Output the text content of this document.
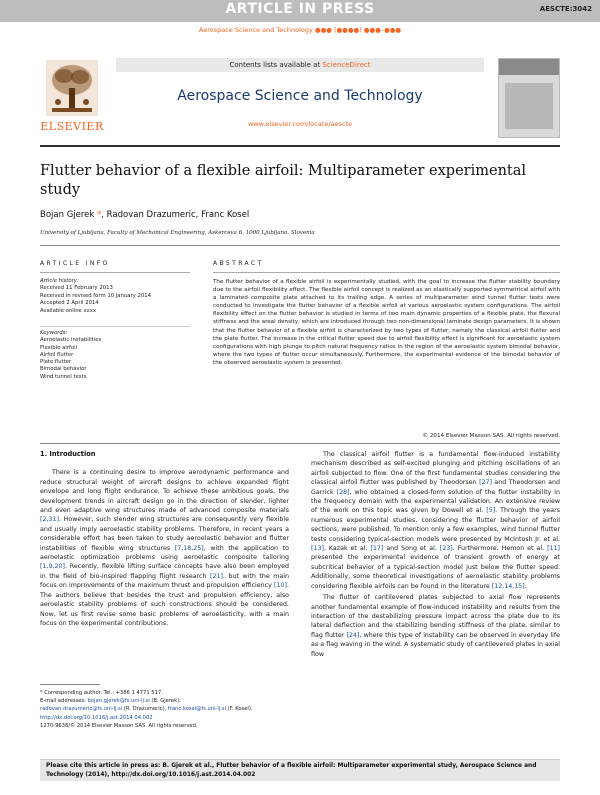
ARTICLE IN PRESS	AESCTE:3042
Aerospace Science and Technology ●●● (●●●●) ●●●–●●●
ELSEVIER
Contents lists available at ScienceDirect
Aerospace Science and Technology
www.elsevier.com/locate/aescte
Flutter behavior of a flexible airfoil: Multiparameter experimental study
Bojan Gjerek *, Radovan Drazumeric, Franc Kosel
University of Ljubljana, Faculty of Mechanical Engineering, Askerceva 6, 1000 Ljubljana, Slovenia
ARTICLE INFO
Article history:
Received 11 February 2013
Received in revised form 10 January 2014
Accepted 2 April 2014
Available online xxxx
Keywords:
Aeroelastic instabilities
Flexible airfoil
Airfoil flutter
Plate flutter
Bimodal behavior
Wind tunnel tests
ABSTRACT
The flutter behavior of a flexible airfoil is experimentally studied, with the goal to increase the flutter stability boundary due to the airfoil flexibility effect. The flexible airfoil concept is realized as an elastically supported symmetrical airfoil with a laminated composite plate attached to its trailing edge. A series of multiparameter wind tunnel flutter tests were conducted to investigate the flutter behavior of a flexible airfoil at various aeroelastic system configurations. The airfoil flexibility effect on the flutter behavior is studied in terms of two main dynamic properties of a flexible plate, the flexural stiffness and the areal density, which are introduced through two non-dimensional laminate design parameters. It is shown that the flutter behavior of a flexible airfoil is characterized by two types of flutter, namely the classical airfoil flutter and the plate flutter. The increase in the critical flutter speed due to airfoil flexibility effect is significant for aeroelastic system configurations with high plunge to pitch natural frequency ratios in the region of the aeroelastic system bimodal behavior, where the two types of flutter occur simultaneously. Furthermore, the experimental evidence of the bimodal behavior of the observed aeroelastic system is presented.
© 2014 Elsevier Masson SAS. All rights reserved.
1. Introduction

There is a continuing desire to improve aerodynamic performance and reduce structural weight of aircraft designs to achieve expanded flight envelope and long flight endurance. To achieve these ambitious goals, the development trends in aircraft design go in the direction of slender, lighter and even adaptive wing structures made of advanced composite materials [2,31]. However, such slender wing structures are consequently very flexible and usually imply aeroelastic stability problems. Therefore, in recent years a considerable effort has been taken to study aeroelastic behavior and flutter instabilities of flexible wing structures [7,18,25], with the application to aeroelastic optimization problems using aeroelastic composite tailoring [1,9,20]. Recently, flexible lifting surface concepts have also been employed in the field of bio-inspired flapping flight research [21], but with the main focus on improvements of the maximum thrust and propulsion efficiency [10]. The authors believe that besides the trust and propulsion efficiency, also aeroelastic stability problems of such constructions should be considered. Now, let us first revise some basic problems of aeroelasticity, with a main focus on the experimental contributions.

The classical airfoil flutter is a fundamental flow-induced instability mechanism described as self-excited plunging and pitching oscillations of an airfoil subjected to flow. One of the first fundamental studies considering the classical airfoil flutter was published by Theodorsen [27] and Theodorsen and Garrick [28], who obtained a closed-form solution of the flutter instability in the frequency domain with the experimental validation. An extensive review of the work on this topic was given by Dowell et al. [5]. Through the years numerous experimental studies, considering the flutter behavior of airfoil sections, were published. To mention only a few examples, wind tunnel flutter tests considering typical-section models were presented by McIntosh Jr. et al. [13], Kazak et al. [17] and Song et al. [23]. Furthermore, Hemon et al. [11] presented the experimental evidence of transient growth of energy at subcritical behavior of a typical-section model just below the flutter speed. Additionally, some theoretical investigations of aeroelastic stability problems considering flexible airfoils can be found in the literature [12,14,15].

The flutter of cantilevered plates subjected to axial flow represents another fundamental example of flow-induced instability and results from the interaction of the destabilizing pressure impact across the plate due to its lateral deflection and the stabilizing bending stiffness of the plate, similar to flag flutter [24], where this type of instability can be observed in everyday life as a flag waving in the wind. A systematic study of cantilevered plates in axial flow

* Corresponding author. Tel.: +386 1 4771 517.
E-mail addresses: bojan.gjerek@fs.uni-lj.si (B. Gjerek),
radovan.drazumeric@fs.uni-lj.si (R. Drazumeric), franc.kosel@fs.uni-lj.si (F. Kosel).
http://dx.doi.org/10.1016/j.ast.2014.04.002
1270-9638/© 2014 Elsevier Masson SAS. All rights reserved.
Please cite this article in press as: B. Gjerek et al., Flutter behavior of a flexible airfoil: Multiparameter experimental study, Aerospace Science and Technology (2014), http://dx.doi.org/10.1016/j.ast.2014.04.002
